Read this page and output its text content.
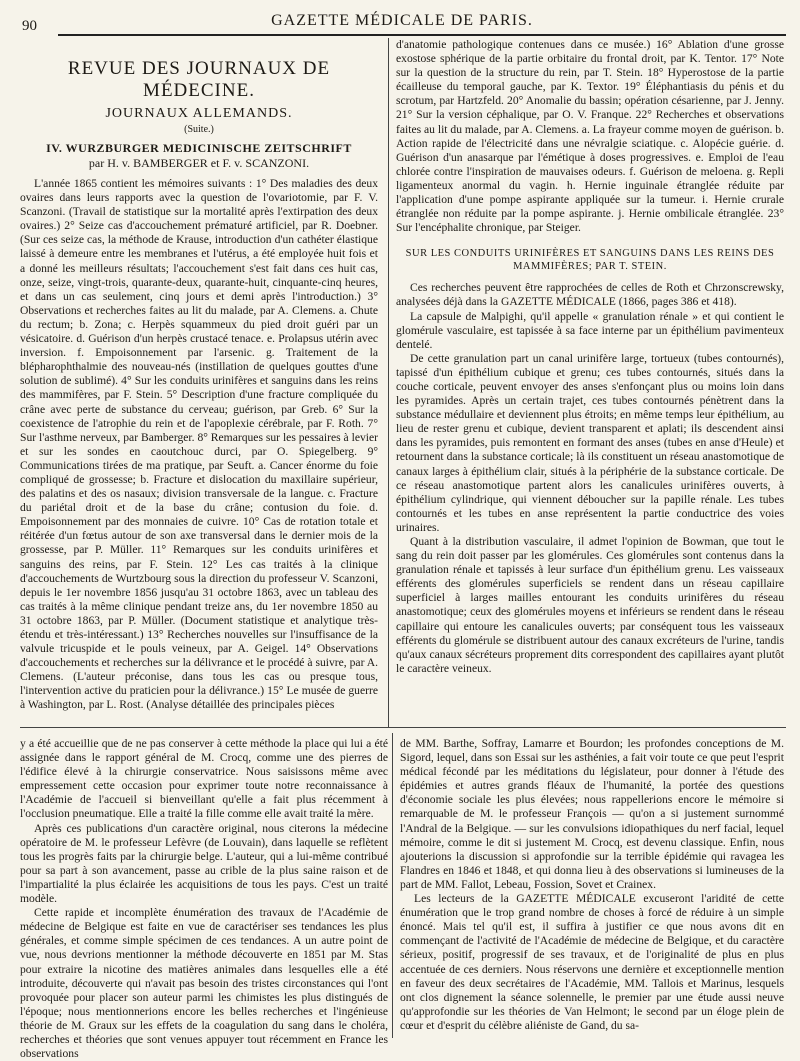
90	GAZETTE MÉDICALE DE PARIS.
REVUE DES JOURNAUX DE MÉDECINE.
JOURNAUX ALLEMANDS.
(Suite.)
IV. WURZBURGER MEDICINISCHE ZEITSCHRIFT
par H. v. BAMBERGER et F. v. SCANZONI.

L'année 1865 contient les mémoires suivants : 1° Des maladies des deux ovaires dans leurs rapports avec la question de l'ovariotomie, par F. V. Scanzoni. (Travail de statistique sur la mortalité après l'extirpation des deux ovaires.) 2° Seize cas d'accouchement prématuré artificiel, par R. Doebner. (Sur ces seize cas, la méthode de Krause, introduction d'un cathéter élastique laissé à demeure entre les membranes et l'utérus, a été employée huit fois et a donné les meilleurs résultats; l'accouchement s'est fait dans ces huit cas, onze, seize, vingt-trois, quarante-deux, quarante-huit, cinquante-cinq heures, et dans un cas seulement, cinq jours et demi après l'introduction.) 3° Observations et recherches faites au lit du malade, par A. Clemens. a. Chute du rectum; b. Zona; c. Herpès squammeux du pied droit guéri par un vésicatoire. d. Guérison d'un herpès crustacé tenace. e. Prolapsus utérin avec inversion. f. Empoisonnement par l'arsenic. g. Traitement de la blépharophthalmie des nouveau-nés (instillation de quelques gouttes d'une solution de sublimé). 4° Sur les conduits urinifères et sanguins dans les reins des mammifères, par F. Stein. 5° Description d'une fracture compliquée du crâne avec perte de substance du cerveau; guérison, par Greb. 6° Sur la coexistence de l'atrophie du rein et de l'apoplexie cérébrale, par F. Roth. 7° Sur l'asthme nerveux, par Bamberger. 8° Remarques sur les pessaires à levier et sur les sondes en caoutchouc durci, par O. Spiegelberg. 9° Communications tirées de ma pratique, par Seuft. a. Cancer énorme du foie compliqué de grossesse; b. Fracture et dislocation du maxillaire supérieur, des palatins et des os nasaux; division transversale de la langue. c. Fracture du pariétal droit et de la base du crâne; contusion du foie. d. Empoisonnement par des monnaies de cuivre. 10° Cas de rotation totale et réitérée d'un fœtus autour de son axe transversal dans le dernier mois de la grossesse, par P. Müller. 11° Remarques sur les conduits urinifères et sanguins des reins, par F. Stein. 12° Les cas traités à la clinique d'accouchements de Wurtzbourg sous la direction du professeur V. Scanzoni, depuis le 1er novembre 1856 jusqu'au 31 octobre 1863, avec un tableau des cas traités à la même clinique pendant treize ans, du 1er novembre 1850 au 31 octobre 1863, par P. Müller. (Document statistique et analytique très-étendu et très-intéressant.) 13° Recherches nouvelles sur l'insuffisance de la valvule tricuspide et le pouls veineux, par A. Geigel. 14° Observations d'accouchements et recherches sur la délivrance et le procédé à suivre, par A. Clemens. (L'auteur préconise, dans tous les cas ou presque tous, l'intervention active du praticien pour la délivrance.) 15° Le musée de guerre à Washington, par L. Rost. (Analyse détaillée des principales pièces

d'anatomie pathologique contenues dans ce musée.) 16° Ablation d'une grosse exostose sphérique de la partie orbitaire du frontal droit, par K. Tentor. 17° Note sur la question de la structure du rein, par T. Stein. 18° Hyperostose de la partie écailleuse du temporal gauche, par K. Textor. 19° Éléphantiasis du pénis et du scrotum, par Hartzfeld. 20° Anomalie du bassin; opération césarienne, par J. Jenny. 21° Sur la version céphalique, par O. V. Franque. 22° Recherches et observations faites au lit du malade, par A. Clemens. a. La frayeur comme moyen de guérison. b. Action rapide de l'électricité dans une névralgie sciatique. c. Alopécie guérie. d. Guérison d'un anasarque par l'émétique à doses progressives. e. Emploi de l'eau chlorée contre l'inspiration de mauvaises odeurs. f. Guérison de meloena. g. Repli ligamenteux anormal du vagin. h. Hernie inguinale étranglée réduite par l'application d'une pompe aspirante appliquée sur la tumeur. i. Hernie crurale étranglée non réduite par la pompe aspirante. j. Hernie ombilicale étranglée. 23° Sur l'encéphalite chronique, par Steiger.

SUR LES CONDUITS URINIFÈRES ET SANGUINS DANS LES REINS DES MAMMIFÈRES; PAR T. STEIN.

Ces recherches peuvent être rapprochées de celles de Roth et Chrzonscrewsky, analysées déjà dans la GAZETTE MÉDICALE (1866, pages 386 et 418).

La capsule de Malpighi, qu'il appelle « granulation rénale » et qui contient le glomérule vasculaire, est tapissée à sa face interne par un épithélium pavimenteux dentelé.

De cette granulation part un canal urinifère large, tortueux (tubes contournés), tapissé d'un épithélium cubique et grenu; ces tubes contournés, situés dans la couche corticale, peuvent envoyer des anses s'enfonçant plus ou moins loin dans les pyramides. Après un certain trajet, ces tubes contournés pénètrent dans la substance médullaire et deviennent plus étroits; en même temps leur épithélium, au lieu de rester grenu et cubique, devient transparent et aplati; ils descendent ainsi dans les pyramides, puis remontent en formant des anses (tubes en anse d'Heule) et retournent dans la substance corticale; là ils constituent un réseau anastomotique de canaux larges à épithélium clair, situés à la périphérie de la substance corticale. De ce réseau anastomotique partent alors les canalicules urinifères ouverts, à épithélium cylindrique, qui viennent déboucher sur la papille rénale. Les tubes contournés et les tubes en anse représentent la partie conductrice des voies urinaires.

Quant à la distribution vasculaire, il admet l'opinion de Bowman, que tout le sang du rein doit passer par les glomérules. Ces glomérules sont contenus dans la granulation rénale et tapissés à leur surface d'un épithélium grenu. Les vaisseaux efférents des glomérules superficiels se rendent dans un réseau capillaire superficiel à larges mailles entourant les conduits urinifères du réseau anastomotique; ceux des glomérules moyens et inférieurs se rendent dans le réseau capillaire qui entoure les canalicules ouverts; par conséquent tous les vaisseaux efférents du glomérule se distribuent autour des canaux excréteurs de l'urine, tandis qu'aux canaux sécréteurs proprement dits correspondent des capillaires ayant plutôt le caractère veineux.

y a été accueillie que de ne pas conserver à cette méthode la place qui lui a été assignée dans le rapport général de M. Crocq, comme une des pierres de l'édifice élevé à la chirurgie conservatrice. Nous saisissons même avec empressement cette occasion pour exprimer toute notre reconnaissance à l'Académie de l'accueil si bienveillant qu'elle a fait plus récemment à l'occlusion pneumatique. Elle a traité la fille comme elle avait traité la mère.

Après ces publications d'un caractère original, nous citerons la médecine opératoire de M. le professeur Lefèvre (de Louvain), dans laquelle se reflètent tous les progrès faits par la chirurgie belge. L'auteur, qui a lui-même contribué pour sa part à son avancement, passe au crible de la plus saine raison et de l'impartialité la plus éclairée les acquisitions de tous les pays. C'est un traité modèle.

Cette rapide et incomplète énumération des travaux de l'Académie de médecine de Belgique est faite en vue de caractériser ses tendances les plus générales, et comme simple spécimen de ces tendances. A un autre point de vue, nous devrions mentionner la méthode découverte en 1851 par M. Stas pour extraire la nicotine des matières animales dans lesquelles elle a été introduite, découverte qui n'avait pas besoin des tristes circonstances qui l'ont provoquée pour placer son auteur parmi les chimistes les plus distingués de l'époque; nous mentionnerions encore les belles recherches et l'ingénieuse théorie de M. Graux sur les effets de la coagulation du sang dans le choléra, recherches et théories que sont venues appuyer tout récemment en France les observations

de MM. Barthe, Soffray, Lamarre et Bourdon; les profondes conceptions de M. Sigord, lequel, dans son Essai sur les asthénies, a fait voir toute ce que peut l'esprit médical fécondé par les méditations du législateur, pour donner à l'étude des épidémies et autres grands fléaux de l'humanité, la portée des questions d'économie sociale les plus élevées; nous rappellerions encore le mémoire si remarquable de M. le professeur François — qu'on a si justement surnommé l'Andral de la Belgique. — sur les convulsions idiopathiques du nerf facial, lequel mémoire, comme le dit si justement M. Crocq, est devenu classique. Enfin, nous ajouterions la discussion si approfondie sur la terrible épidémie qui ravagea les Flandres en 1846 et 1848, et qui donna lieu à des observations si lumineuses de la part de MM. Fallot, Lebeau, Fossion, Sovet et Crainex.

Les lecteurs de la GAZETTE MÉDICALE excuseront l'aridité de cette énumération que le trop grand nombre de choses à forcé de réduire à un simple énoncé. Mais tel qu'il est, il suffira à justifier ce que nous avons dit en commençant de l'activité de l'Académie de médecine de Belgique, et du caractère sérieux, positif, progressif de ses travaux, et de l'originalité de plus en plus accentuée de ces derniers. Nous réservons une dernière et exceptionnelle mention en faveur des deux secrétaires de l'Académie, MM. Tallois et Marinus, lesquels ont clos dignement la séance solennelle, le premier par une étude aussi neuve qu'approfondie sur les théories de Van Helmont; le second par un éloge plein de cœur et d'esprit du célèbre aliéniste de Gand, du sa-
